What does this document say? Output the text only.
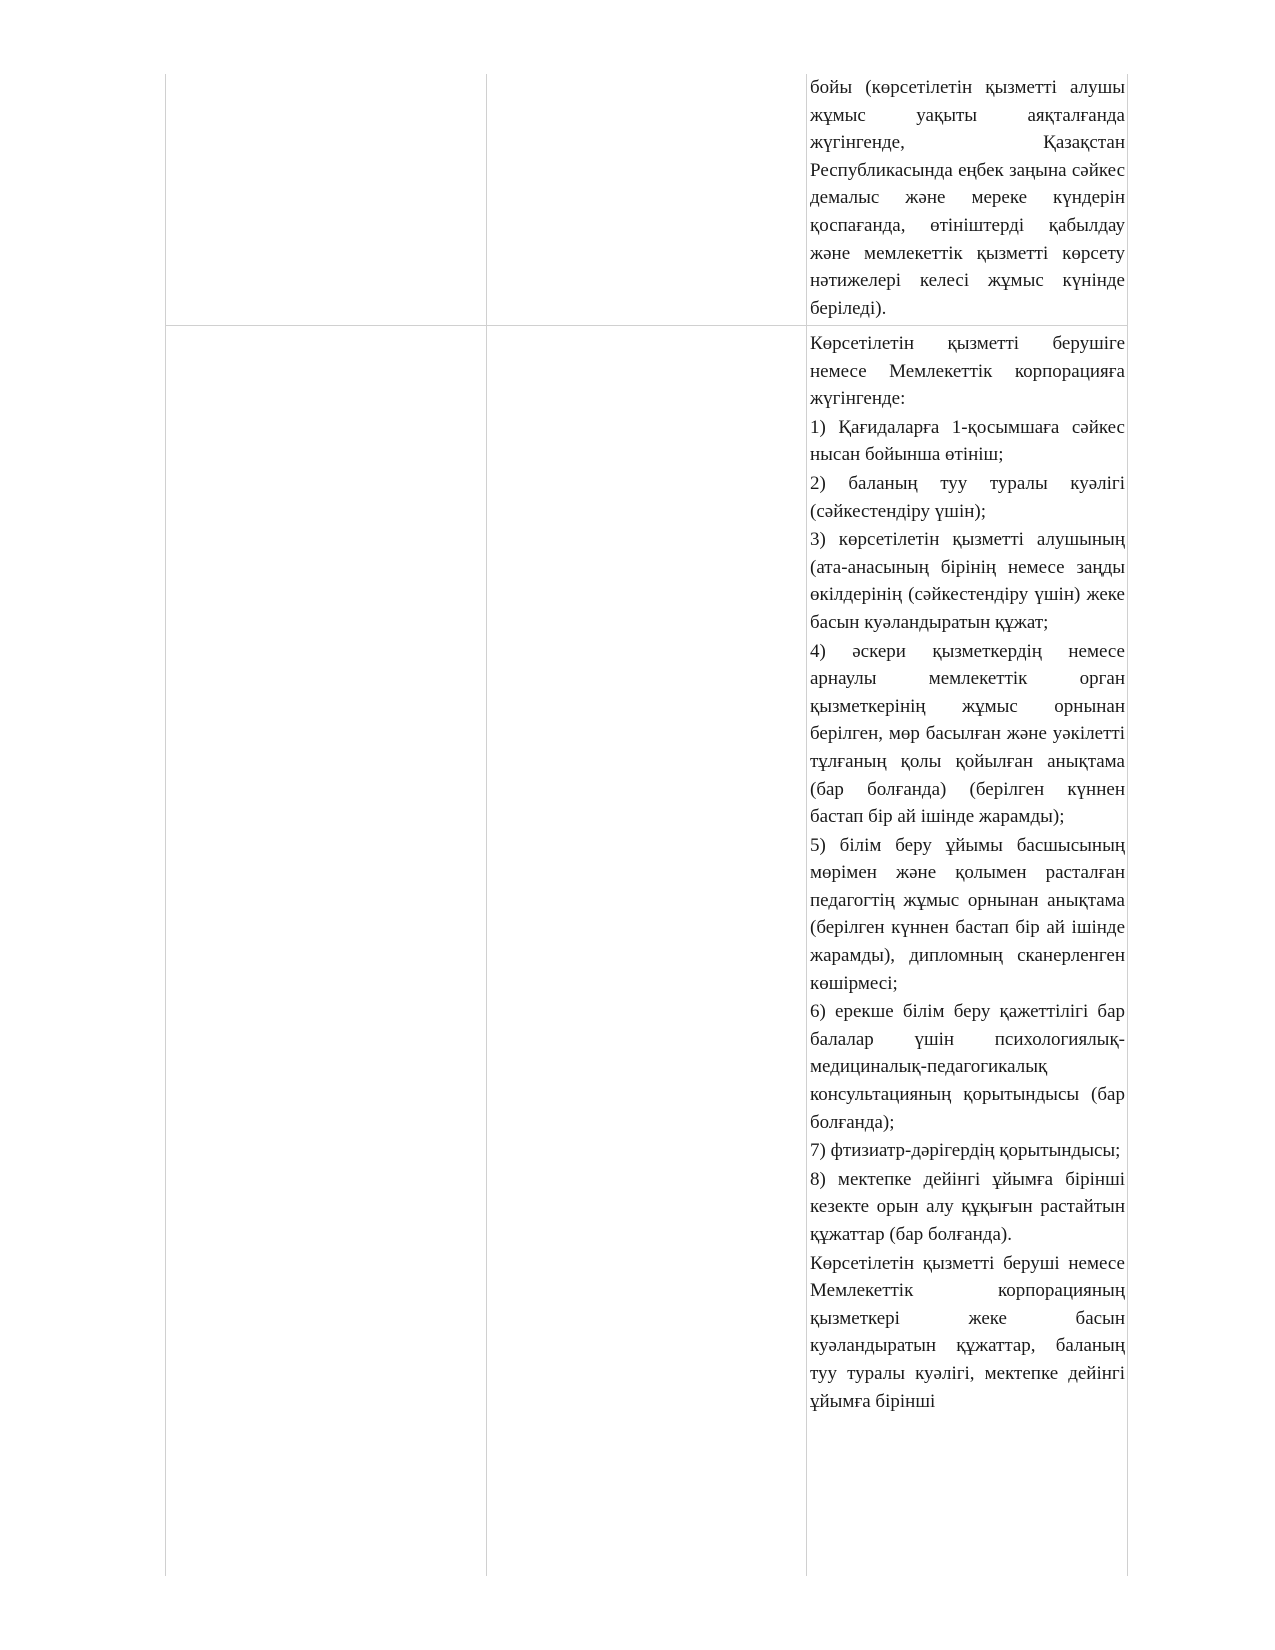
бойы (көрсетілетін қызметті алушы жұмыс уақыты аяқталғанда жүгінгенде, Қазақстан Республикасында еңбек заңына сәйкес демалыс және мереке күндерін қоспағанда, өтініштерді қабылдау және мемлекеттік қызметті көрсету нәтижелері келесі жұмыс күнінде беріледі).

Көрсетілетін қызметті берушіге немесе Мемлекеттік корпорацияға жүгінгенде:

1) Қағидаларға 1-қосымшаға сәйкес нысан бойынша өтініш;

2) баланың туу туралы куәлігі (сәйкестендіру үшін);

3) көрсетілетін қызметті алушының (ата-анасының бірінің немесе заңды өкілдерінің (сәйкестендіру үшін) жеке басын куәландыратын құжат;

4) әскери қызметкердің немесе арнаулы мемлекеттік орган қызметкерінің жұмыс орнынан берілген, мөр басылған және уәкілетті тұлғаның қолы қойылған анықтама (бар болғанда) (берілген күннен бастап бір ай ішінде жарамды);

5) білім беру ұйымы басшысының мөрімен және қолымен расталған педагогтің жұмыс орнынан анықтама (берілген күннен бастап бір ай ішінде жарамды), дипломның сканерленген көшірмесі;

6) ерекше білім беру қажеттілігі бар балалар үшін психологиялық-медициналық-педагогикалық консультацияның қорытындысы (бар болғанда);

7) фтизиатр-дәрігердің қорытындысы;

8) мектепке дейінгі ұйымға бірінші кезекте орын алу құқығын растайтын құжаттар (бар болғанда).

Көрсетілетін қызметті беруші немесе Мемлекеттік корпорацияның қызметкері жеке басын куәландыратын құжаттар, баланың туу туралы куәлігі, мектепке дейінгі ұйымға бірінші
